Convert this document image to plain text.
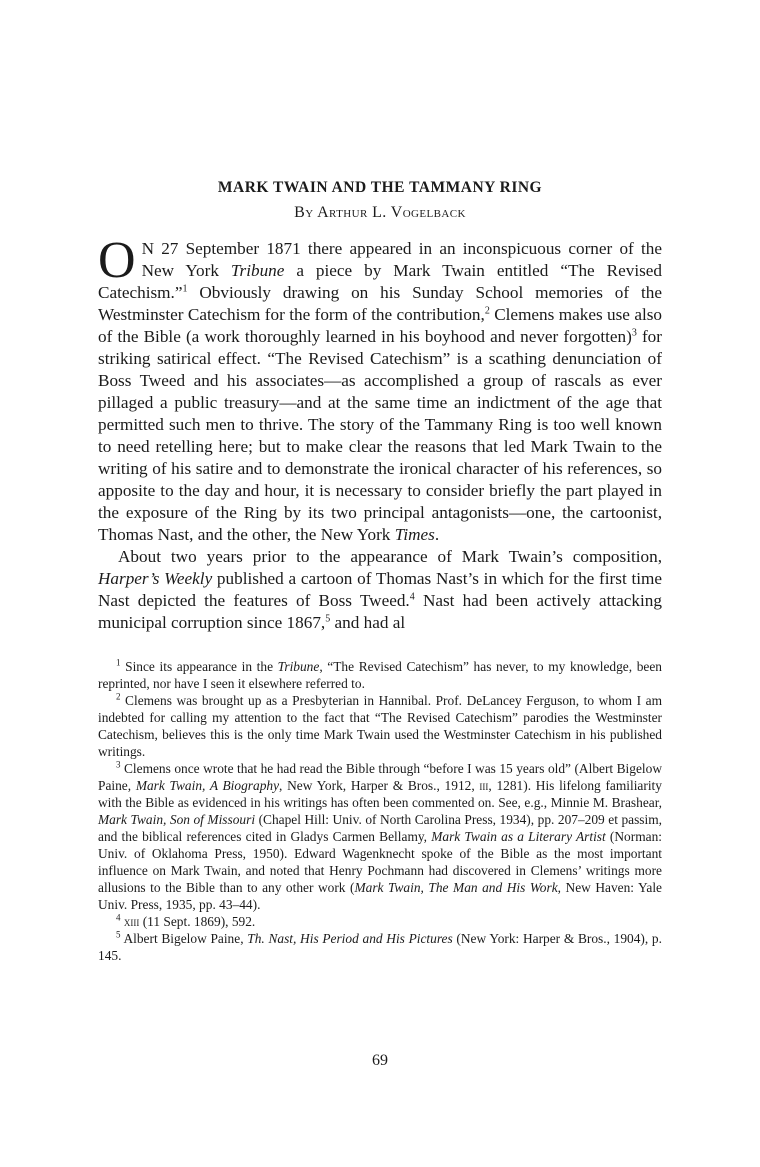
MARK TWAIN AND THE TAMMANY RING
By Arthur L. Vogelback

O N 27 September 1871 there appeared in an inconspicuous corner of the New York Tribune a piece by Mark Twain entitled “The Revised Catechism.”$^1$ Obviously drawing on his Sunday School memories of the Westminster Catechism for the form of the contribution,$^2$ Clemens makes use also of the Bible (a work thoroughly learned in his boyhood and never forgotten)$^3$ for striking satirical effect. “The Revised Catechism” is a scathing denunciation of Boss Tweed and his associates—as accomplished a group of rascals as ever pillaged a public treasury—and at the same time an indictment of the age that permitted such men to thrive. The story of the Tammany Ring is too well known to need retelling here; but to make clear the reasons that led Mark Twain to the writing of his satire and to demonstrate the ironical character of his references, so apposite to the day and hour, it is necessary to consider briefly the part played in the exposure of the Ring by its two principal antagonists—one, the cartoonist, Thomas Nast, and the other, the New York Times.

About two years prior to the appearance of Mark Twain’s composition, Harper’s Weekly published a cartoon of Thomas Nast’s in which for the first time Nast depicted the features of Boss Tweed.$^4$ Nast had been actively attacking municipal corruption since 1867,$^5$ and had al

$^1$ Since its appearance in the Tribune, “The Revised Catechism” has never, to my knowledge, been reprinted, nor have I seen it elsewhere referred to.

$^2$ Clemens was brought up as a Presbyterian in Hannibal. Prof. DeLancey Ferguson, to whom I am indebted for calling my attention to the fact that “The Revised Catechism” parodies the Westminster Catechism, believes this is the only time Mark Twain used the Westminster Catechism in his published writings.

$^3$ Clemens once wrote that he had read the Bible through “before I was 15 years old” (Albert Bigelow Paine, Mark Twain, A Biography, New York, Harper & Bros., 1912, iii, 1281). His lifelong familiarity with the Bible as evidenced in his writings has often been commented on. See, e.g., Minnie M. Brashear, Mark Twain, Son of Missouri (Chapel Hill: Univ. of North Carolina Press, 1934), pp. 207–209 et passim, and the biblical references cited in Gladys Carmen Bellamy, Mark Twain as a Literary Artist (Norman: Univ. of Oklahoma Press, 1950). Edward Wagenknecht spoke of the Bible as the most important influence on Mark Twain, and noted that Henry Pochmann had discovered in Clemens’ writings more allusions to the Bible than to any other work (Mark Twain, The Man and His Work, New Haven: Yale Univ. Press, 1935, pp. 43–44).

$^4$ xiii (11 Sept. 1869), 592.

$^5$ Albert Bigelow Paine, Th. Nast, His Period and His Pictures (New York: Harper & Bros., 1904), p. 145.

69
